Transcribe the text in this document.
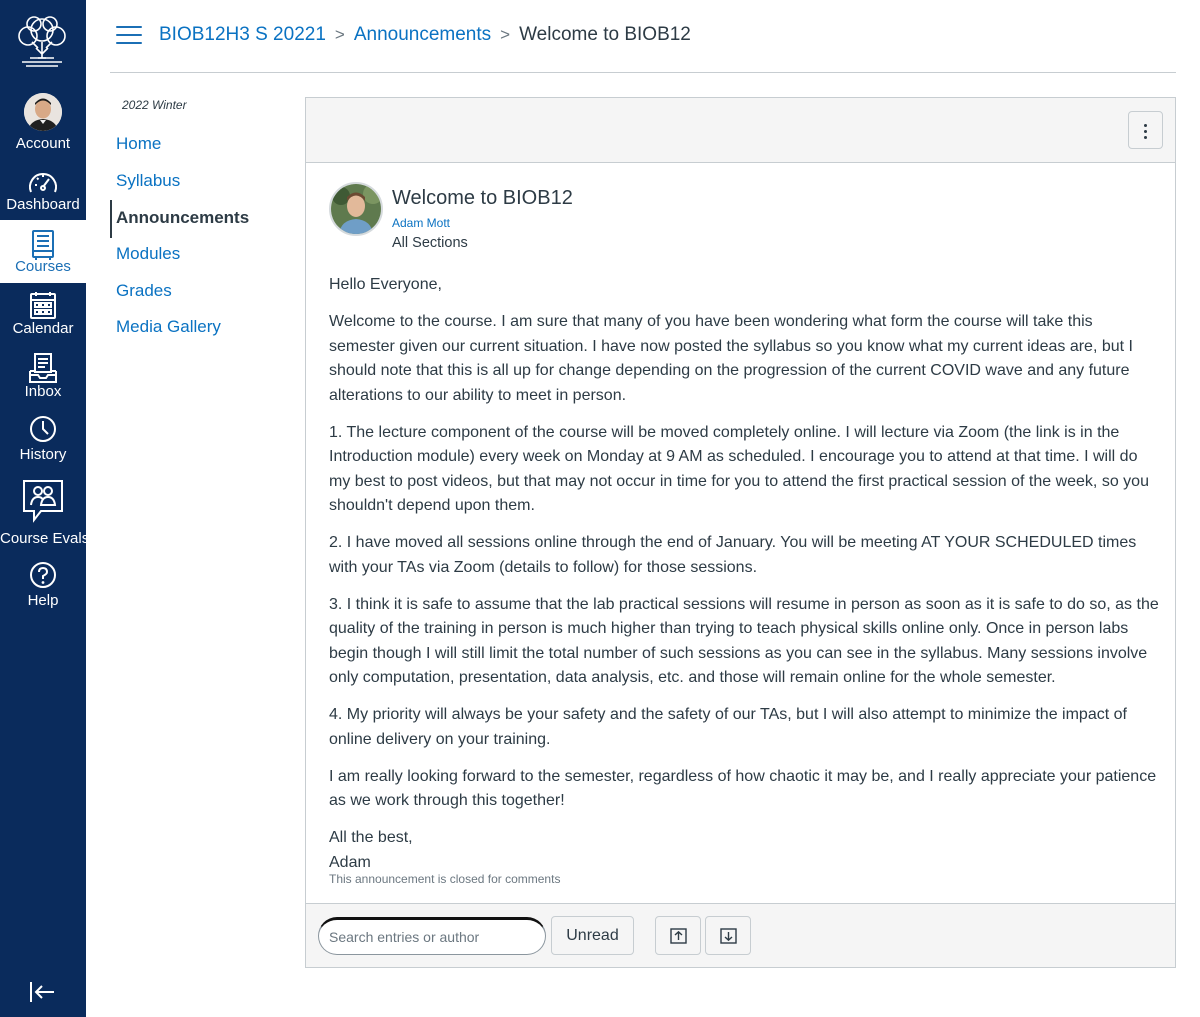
Account
Dashboard
Courses
Calendar
Inbox
History
Course Evals
Help
BIOB12H3 S 20221 > Announcements > Welcome to BIOB12
2022 Winter
Home
Syllabus
Announcements
Modules
Grades
Media Gallery
Welcome to BIOB12
Adam Mott
All Sections

Hello Everyone,

Welcome to the course. I am sure that many of you have been wondering what form the course will take this semester given our current situation. I have now posted the syllabus so you know what my current ideas are, but I should note that this is all up for change depending on the progression of the current COVID wave and any future alterations to our ability to meet in person.

1. The lecture component of the course will be moved completely online. I will lecture via Zoom (the link is in the Introduction module) every week on Monday at 9 AM as scheduled. I encourage you to attend at that time. I will do my best to post videos, but that may not occur in time for you to attend the first practical session of the week, so you shouldn't depend upon them.

2. I have moved all sessions online through the end of January. You will be meeting AT YOUR SCHEDULED times with your TAs via Zoom (details to follow) for those sessions.

3. I think it is safe to assume that the lab practical sessions will resume in person as soon as it is safe to do so, as the quality of the training in person is much higher than trying to teach physical skills online only. Once in person labs begin though I will still limit the total number of such sessions as you can see in the syllabus. Many sessions involve only computation, presentation, data analysis, etc. and those will remain online for the whole semester.

4. My priority will always be your safety and the safety of our TAs, but I will also attempt to minimize the impact of online delivery on your training.

I am really looking forward to the semester, regardless of how chaotic it may be, and I really appreciate your patience as we work through this together!

All the best,

Adam

This announcement is closed for comments
Search entries or author
Unread
